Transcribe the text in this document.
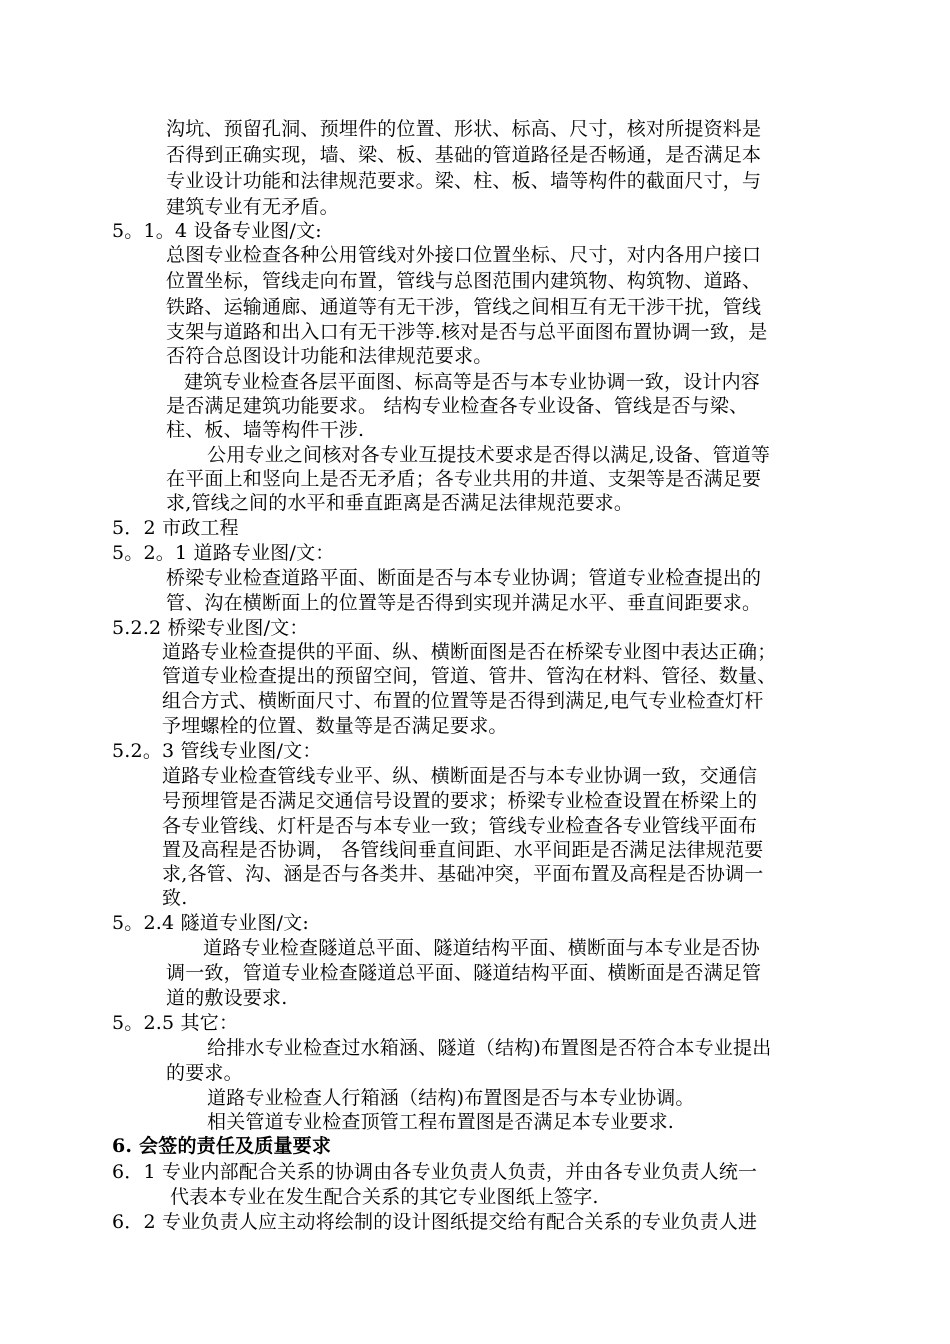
沟坑、预留孔洞、预埋件的位置、形状、标高、尺寸，核对所提资料是
否得到正确实现，墙、梁、板、基础的管道路径是否畅通，是否满足本
专业设计功能和法律规范要求。梁、柱、板、墙等构件的截面尺寸，与
建筑专业有无矛盾。
5。1。4 设备专业图/文:
总图专业检查各种公用管线对外接口位置坐标、尺寸，对内各用户接口
位置坐标，管线走向布置，管线与总图范围内建筑物、构筑物、道路、
铁路、运输通廊、通道等有无干涉，管线之间相互有无干涉干扰，管线
支架与道路和出入口有无干涉等.核对是否与总平面图布置协调一致，是
否符合总图设计功能和法律规范要求。
建筑专业检查各层平面图、标高等是否与本专业协调一致，设计内容
是否满足建筑功能要求。 结构专业检查各专业设备、管线是否与梁、
柱、板、墙等构件干涉.
公用专业之间核对各专业互提技术要求是否得以满足,设备、管道等
在平面上和竖向上是否无矛盾；各专业共用的井道、支架等是否满足要
求,管线之间的水平和垂直距离是否满足法律规范要求。
5．2 市政工程
5。2。1 道路专业图/文：
桥梁专业检查道路平面、断面是否与本专业协调；管道专业检查提出的
管、沟在横断面上的位置等是否得到实现并满足水平、垂直间距要求。
5.2.2 桥梁专业图/文：
道路专业检查提供的平面、纵、横断面图是否在桥梁专业图中表达正确；
管道专业检查提出的预留空间，管道、管井、管沟在材料、管径、数量、
组合方式、横断面尺寸、布置的位置等是否得到满足,电气专业检查灯杆
予埋螺栓的位置、数量等是否满足要求。
5.2。3 管线专业图/文：
道路专业检查管线专业平、纵、横断面是否与本专业协调一致，交通信
号预埋管是否满足交通信号设置的要求；桥梁专业检查设置在桥梁上的
各专业管线、灯杆是否与本专业一致；管线专业检查各专业管线平面布
置及高程是否协调， 各管线间垂直间距、水平间距是否满足法律规范要
求,各管、沟、涵是否与各类井、基础冲突，平面布置及高程是否协调一
致.
5。2.4 隧道专业图/文:
道路专业检查隧道总平面、隧道结构平面、横断面与本专业是否协
调一致，管道专业检查隧道总平面、隧道结构平面、横断面是否满足管
道的敷设要求.
5。2.5 其它：
给排水专业检查过水箱涵、隧道（结构)布置图是否符合本专业提出
的要求。
道路专业检查人行箱涵（结构)布置图是否与本专业协调。
相关管道专业检查顶管工程布置图是否满足本专业要求.
6. 会签的责任及质量要求
6．1 专业内部配合关系的协调由各专业负责人负责，并由各专业负责人统一
代表本专业在发生配合关系的其它专业图纸上签字.
6．2 专业负责人应主动将绘制的设计图纸提交给有配合关系的专业负责人进
